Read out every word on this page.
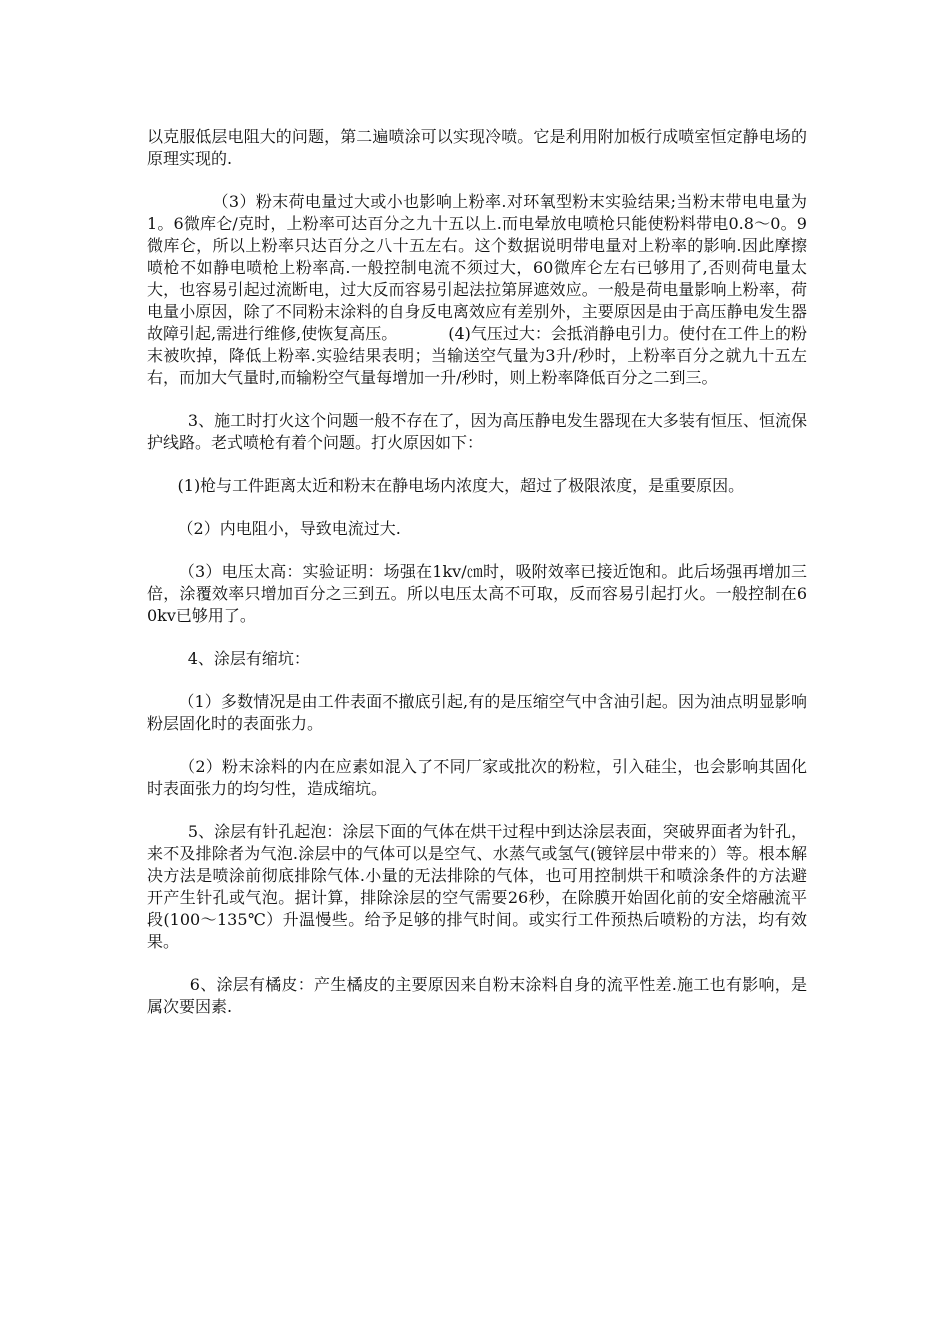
以克服低层电阻大的问题，第二遍喷涂可以实现冷喷。它是利用附加板行成喷室恒定静电场的原理实现的.

（3）粉末荷电量过大或小也影响上粉率.对环氧型粉末实验结果;当粉末带电电量为1。6微库仑/克时，上粉率可达百分之九十五以上.而电晕放电喷枪只能使粉料带电0.8～0。9微库仑，所以上粉率只达百分之八十五左右。这个数据说明带电量对上粉率的影响.因此摩擦喷枪不如静电喷枪上粉率高.一般控制电流不须过大，60微库仑左右已够用了,否则荷电量太大，也容易引起过流断电，过大反而容易引起法拉第屏遮效应。一般是荷电量影响上粉率，荷电量小原因，除了不同粉末涂料的自身反电离效应有差别外，主要原因是由于高压静电发生器故障引起,需进行维修,使恢复高压。          (4)气压过大：会抵消静电引力。使付在工件上的粉末被吹掉，降低上粉率.实验结果表明；当输送空气量为3升/秒时，上粉率百分之就九十五左右，而加大气量时,而输粉空气量每增加一升/秒时，则上粉率降低百分之二到三。

3、施工时打火这个问题一般不存在了，因为高压静电发生器现在大多装有恒压、恒流保护线路。老式喷枪有着个问题。打火原因如下：

(1)枪与工件距离太近和粉末在静电场内浓度大，超过了极限浓度，是重要原因。

（2）内电阻小，导致电流过大.

（3）电压太高：实验证明：场强在1kv/㎝时，吸附效率已接近饱和。此后场强再增加三倍，涂覆效率只增加百分之三到五。所以电压太高不可取，反而容易引起打火。一般控制在60kv已够用了。

4、涂层有缩坑：

（1）多数情况是由工件表面不撤底引起,有的是压缩空气中含油引起。因为油点明显影响粉层固化时的表面张力。

（2）粉末涂料的内在应素如混入了不同厂家或批次的粉粒，引入硅尘，也会影响其固化时表面张力的均匀性，造成缩坑。

5、涂层有针孔起泡：涂层下面的气体在烘干过程中到达涂层表面，突破界面者为针孔，来不及排除者为气泡.涂层中的气体可以是空气、水蒸气或氢气(镀锌层中带来的）等。根本解决方法是喷涂前彻底排除气体.小量的无法排除的气体，也可用控制烘干和喷涂条件的方法避开产生针孔或气泡。据计算，排除涂层的空气需要26秒，在除膜开始固化前的安全熔融流平段(100～135℃）升温慢些。给予足够的排气时间。或实行工件预热后喷粉的方法，均有效果。

6、涂层有橘皮：产生橘皮的主要原因来自粉末涂料自身的流平性差.施工也有影响，是属次要因素.
